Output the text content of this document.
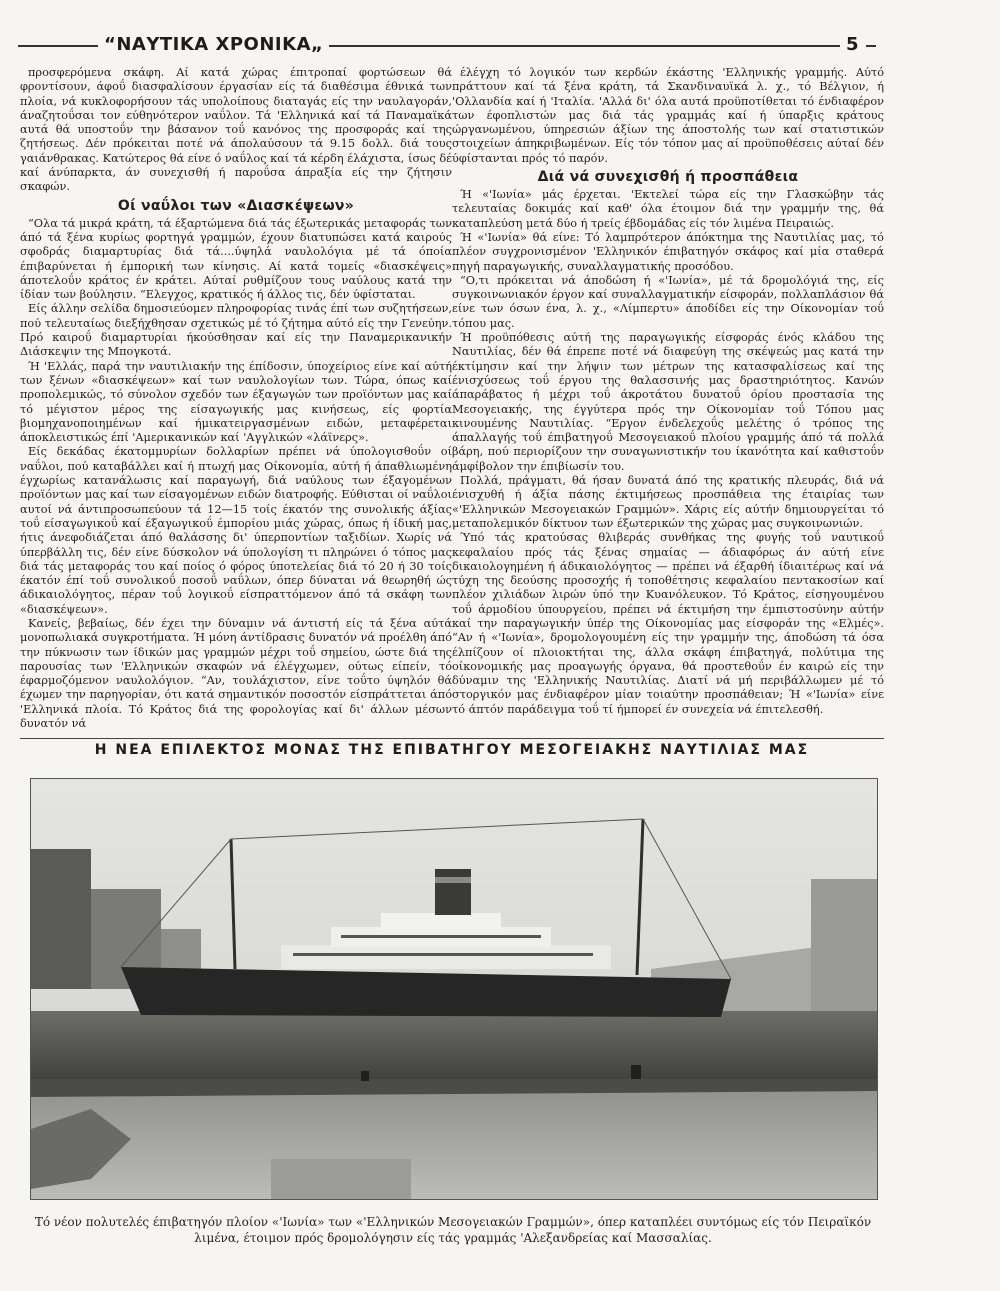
“ΝΑΥΤΙΚΑ ΧΡΟΝΙΚΑ„	5

προσφερόμενα σκάφη. Αί κατά χώρας έπιτροπαί φορτώσεων θά φροντίσουν, άφοΰ διασφαλίσουν έργασίαν είς τά διαθέσιμα έθνικά των πλοία, νά κυκλοφορήσουν τάς υπολοίπους διαταγάς είς την ναυλαγοράν, άναζητοΰσαι τον εύθηνότερον ναΰλον. Τά 'Ελληνικά καί τά Παναμαϊκά αυτά θά υποστοΰν την βάσανον τοΰ κανόνος της προσφοράς καί της ζητήσεως. Δέν πρόκειται ποτέ νά άπολαύσουν τά 9.15 δολλ. διά τους γαιάνθρακας. Κατώτερος θά είνε ό ναΰλος καί τά κέρδη έλάχιστα, ίσως δέ καί άνύπαρκτα, άν συνεχισθή ή παροΰσα άπραξία είς την ζήτησιν σκαφών.

Οί ναΰλοι των «Διασκέψεων»

“Ολα τά μικρά κράτη, τά έξαρτώμενα διά τάς έξωτερικάς μεταφοράς των άπό τά ξένα κυρίως φορτηγά γραμμών, έχουν διατυπώσει κατά καιρούς σφοδράς διαμαρτυρίας διά τά....ύψηλά ναυλολόγια μέ τά όποία έπιβαρύνεται ή έμπορική των κίνησις. Αί κατά τομείς «διασκέψεις» άποτελοΰν κράτος έν κράτει. Αύταί ρυθμίζουν τους ναύλους κατά την ίδίαν των βούλησιν. “Ελεγχος, κρατικός ή άλλος τις, δέν ύφίσταται.

Είς άλλην σελίδα δημοσιεύομεν πληροφορίας τινάς έπί των συζητήσεων, πού τελευταίως διεξήχθησαν σχετικώς μέ τό ζήτημα αύτό είς την Γενεύην. Πρό καιροΰ διαμαρτυρίαι ήκούσθησαν καί είς την Παναμερικανικήν Διάσκεψιν της Μπογκοτά.

Ή 'Ελλάς, παρά την ναυτιλιακήν της έπίδοσιν, ύποχείριος είνε καί αύτή των ξένων «διασκέψεων» καί των ναυλολογίων των. Τώρα, όπως καί προπολεμικώς, τό σύνολον σχεδόν των έξαγωγών των προϊόντων μας καί τό μέγιστον μέρος της είσαγωγικής μας κινήσεως, είς φορτία βιομηχανοποιημένων καί ήμικατειργασμένων ειδών, μεταφέρεται άποκλειστικώς έπί 'Αμερικανικών καί 'Αγγλικών «λάϊνερς».

Είς δεκάδας έκατομμυρίων δολλαρίων πρέπει νά ύπολογισθοΰν οί ναΰλοι, πού καταβάλλει καί ή πτωχή μας Οίκονομία, αύτή ή άπαθλιωμένη έγχωρίως κατανάλωσις καί παραγωγή, διά ναύλους των έξαγομένων προϊόντων μας καί των είσαγομένων ειδών διατροφής. Εύθισται οί ναΰλοι αυτοί νά άντιπροσωπεύουν τά 12—15 τοίς έκατόν της συνολικής άξίας τοΰ είσαγωγικοΰ καί έξαγωγικοΰ έμπορίου μιάς χώρας, όπως ή ίδική μας, ήτις άνεφοδιάζεται άπό θαλάσσης δι' ύπερποντίων ταξιδίων. Χωρίς νά ύπερβάλλη τις, δέν είνε δύσκολον νά ύπολογίση τι πληρώνει ό τόπος μας διά τάς μεταφοράς του καί ποίος ό φόρος ύποτελείας διά τό 20 ή 30 τοίς έκατόν έπί τοΰ συνολικοΰ ποσοΰ ναΰλων, όπερ δύναται νά θεωρηθή ώς άδικαιολόγητος, πέραν τοΰ λογικοΰ είσπραττόμενον άπό τά σκάφη των «διασκέψεων».

Κανείς, βεβαίως, δέν έχει την δύναμιν νά άντιστή είς τά ξένα αύτά μονοπωλιακά συγκροτήματα. Ή μόνη άντίδρασις δυνατόν νά προέλθη άπό την πύκνωσιν των ίδικών μας γραμμών μέχρι τοΰ σημείου, ώστε διά της παρουσίας των 'Ελληνικών σκαφών νά έλέγχωμεν, ούτως είπείν, τό έφαρμοζόμενον ναυλολόγιον. “Αν, τουλάχιστον, είνε τοΰτο ύψηλόν θά έχωμεν την παρηγορίαν, ότι κατά σημαντικόν ποσοστόν είσπράττεται άπό 'Ελληνικά πλοία. Τό Κράτος διά της φορολογίας καί δι' άλλων μέσων δυνατόν νά

έλέγχη τό λογικόν των κερδών έκάστης 'Ελληνικής γραμμής. Αύτό πράττουν καί τά ξένα κράτη, τά Σκανδιναυϊκά λ. χ., τό Βέλγιον, ή 'Ολλανδία καί ή 'Ιταλία. 'Αλλά δι' όλα αυτά προϋποτίθεται τό ένδιαφέρον των έφοπλιστών μας διά τάς γραμμάς καί ή ύπαρξις κράτους ώργανωμένου, ύπηρεσιών άξίων της άποστολής των καί στατιστικών στοιχείων άπηκριβωμένων. Είς τόν τόπον μας αί προϋποθέσεις αύταί δέν ύφίστανται πρός τό παρόν.

Διά νά συνεχισθή ή προσπάθεια

Ή «'Ιωνία» μάς έρχεται. 'Εκτελεί τώρα είς την Γλασκώβην τάς τελευταίας δοκιμάς καί καθ' όλα έτοιμον διά την γραμμήν της, θά καταπλεύση μετά δύο ή τρείς έβδομάδας είς τόν λιμένα Πειραιώς.

Ή «'Ιωνία» θά είνε: Τό λαμπρότερον άπόκτημα της Ναυτιλίας μας, τό πλέον συγχρονισμένον 'Ελληνικόν έπιβατηγόν σκάφος καί μία σταθερά πηγή παραγωγικής, συναλλαγματικής προσόδου.

“Ο,τι πρόκειται νά άποδώση ή «'Ιωνία», μέ τά δρομολόγιά της, είς συγκοινωνιακόν έργον καί συναλλαγματικήν είσφοράν, πολλαπλάσιον θά είνε των όσων ένα, λ. χ., «Λίμπερτυ» άποδίδει είς την Οίκονομίαν τοΰ τόπου μας.

Ή προϋπόθεσις αύτή της παραγωγικής είσφοράς ένός κλάδου της Ναυτιλίας, δέν θά έπρεπε ποτέ νά διαφεύγη της σκέψεώς μας κατά την έκτίμησιν καί την λήψιν των μέτρων της κατασφαλίσεως καί της ένισχύσεως τοΰ έργου της θαλασσινής μας δραστηριότητος. Κανών άπαράβατος ή μέχρι τοΰ άκροτάτου δυνατοΰ όρίου προστασία της Μεσογειακής, της έγγύτερα πρός την Οίκονομίαν τοΰ Τόπου μας κινουμένης Ναυτιλίας. “Εργον ένδελεχοΰς μελέτης ό τρόπος της άπαλλαγής τοΰ έπιβατηγοΰ Μεσογειακοΰ πλοίου γραμμής άπό τά πολλά βάρη, πού περιορίζουν την συναγωνιστικήν του ίκανότητα καί καθιστοΰν άμφίβολον την έπιβίωσίν του.

Πολλά, πράγματι, θά ήσαν δυνατά άπό της κρατικής πλευράς, διά νά ένισχυθή ή άξία πάσης έκτιμήσεως προσπάθεια της έταιρίας των «'Ελληνικών Μεσογειακών Γραμμών». Χάρις είς αύτήν δημιουργείται τό μεταπολεμικόν δίκτυον των έξωτερικών της χώρας μας συγκοινωνιών.

Ύπό τάς κρατούσας θλιβεράς συνθήκας της φυγής τοΰ ναυτικοΰ κεφαλαίου πρός τάς ξένας σημαίας — άδιαφόρως άν αύτή είνε δικαιολογημένη ή άδικαιολόγητος — πρέπει νά έξαρθή ίδιαιτέρως καί νά τύχη της δεούσης προσοχής ή τοποθέτησις κεφαλαίου πεντακοσίων καί πλέον χιλιάδων λιρών ύπό την Κυανόλευκον. Τό Κράτος, είσηγουμένου τοΰ άρμοδίου ύπουργείου, πρέπει νά έκτιμήση την έμπιστοσύνην αύτήν καί την παραγωγικήν ύπέρ της Οίκονομίας μας είσφοράν της «Ελμές». “Αν ή «'Ιωνία», δρομολογουμένη είς την γραμμήν της, άποδώση τά όσα έλπίζουν οί πλοιοκτήται της, άλλα σκάφη έπιβατηγά, πολύτιμα της οίκονομικής μας προαγωγής όργανα, θά προστεθοΰν έν καιρώ είς την δύναμιν της 'Ελληνικής Ναυτιλίας. Διατί νά μή περιβάλλωμεν μέ τό στοργικόν μας ένδιαφέρον μίαν τοιαύτην προσπάθειαν; Ή «'Ιωνία» είνε τό άπτόν παράδειγμα τοΰ τί ήμπορεί έν συνεχεία νά έπιτελεσθή.

Η ΝΕΑ ΕΠΙΛΕΚΤΟΣ ΜΟΝΑΣ ΤΗΣ ΕΠΙΒΑΤΗΓΟΥ ΜΕΣΟΓΕΙΑΚΗΣ ΝΑΥΤΙΛΙΑΣ ΜΑΣ
Τό νέον πολυτελές έπιβατηγόν πλοίον «'Ιωνία» των «'Ελληνικών Μεσογειακών Γραμμών», όπερ καταπλέει συντόμως είς τόν Πειραϊκόν λιμένα, έτοιμον πρός δρομολόγησιν είς τάς γραμμάς 'Αλεξανδρείας καί Μασσαλίας.
